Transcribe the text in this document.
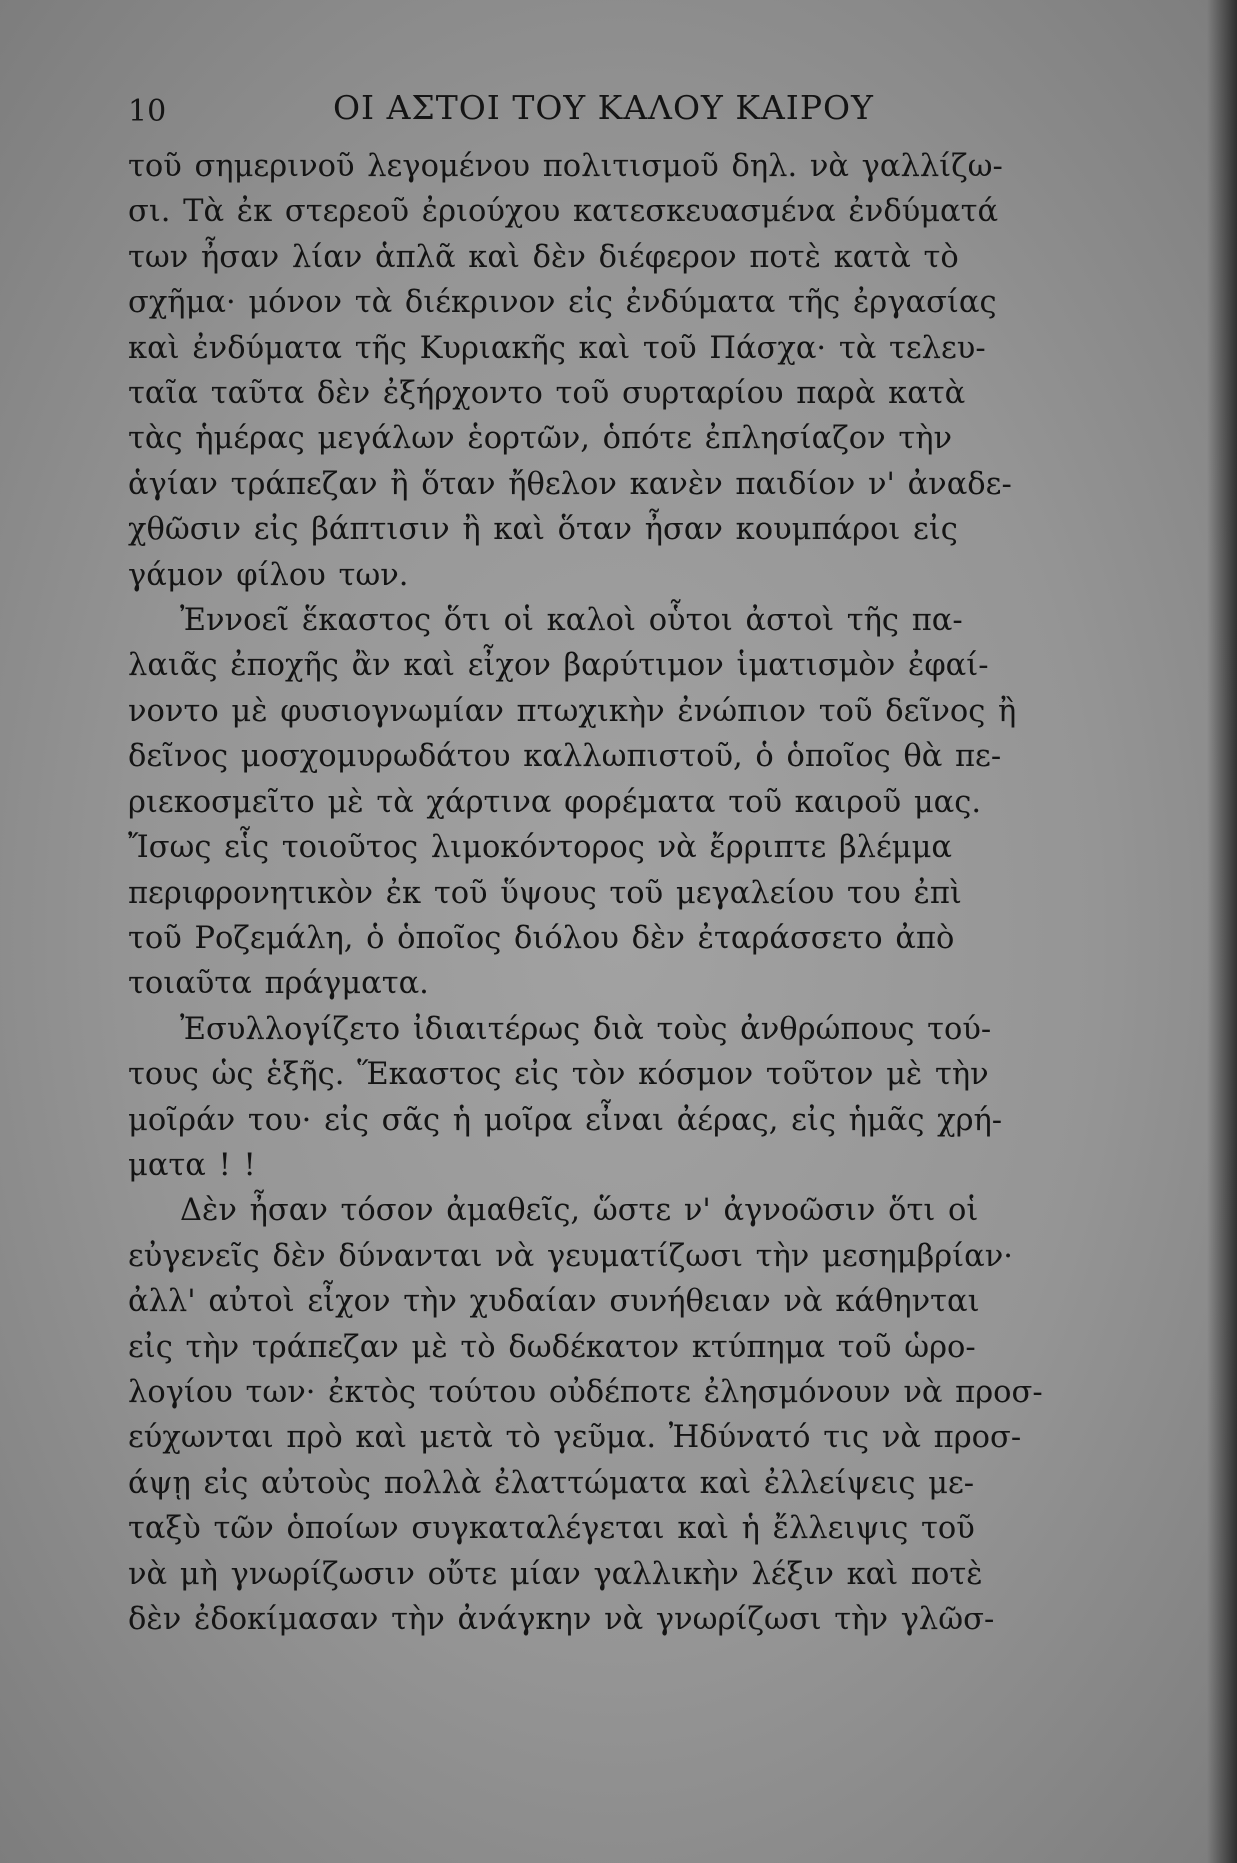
10	ΟΙ ΑΣΤΟΙ ΤΟΥ ΚΑΛΟΥ ΚΑΙΡΟΥ
τοῦ σημερινοῦ λεγομένου πολιτισμοῦ δηλ. νὰ γαλλίζω-
σι. Τὰ ἐκ στερεοῦ ἐριούχου κατεσκευασμένα ἐνδύματά
των ἦσαν λίαν ἁπλᾶ καὶ δὲν διέφερον ποτὲ κατὰ τὸ
σχῆμα· μόνον τὰ διέκρινον εἰς ἐνδύματα τῆς ἐργασίας
καὶ ἐνδύματα τῆς Κυριακῆς καὶ τοῦ Πάσχα· τὰ τελευ-
ταῖα ταῦτα δὲν ἐξήρχοντο τοῦ συρταρίου παρὰ κατὰ
τὰς ἡμέρας μεγάλων ἑορτῶν, ὁπότε ἐπλησίαζον τὴν
ἁγίαν τράπεζαν ἢ ὅταν ἤθελον κανὲν παιδίον ν' ἀναδε-
χθῶσιν εἰς βάπτισιν ἢ καὶ ὅταν ἦσαν κουμπάροι εἰς
γάμον φίλου των.
Ἐννοεῖ ἕκαστος ὅτι οἱ καλοὶ οὗτοι ἀστοὶ τῆς πα-
λαιᾶς ἐποχῆς ἂν καὶ εἶχον βαρύτιμον ἱματισμὸν ἐφαί-
νοντο μὲ φυσιογνωμίαν πτωχικὴν ἐνώπιον τοῦ δεῖνος ἢ
δεῖνος μοσχομυρωδάτου καλλωπιστοῦ, ὁ ὁποῖος θὰ πε-
ριεκοσμεῖτο μὲ τὰ χάρτινα φορέματα τοῦ καιροῦ μας.
Ἴσως εἷς τοιοῦτος λιμοκόντορος νὰ ἔρριπτε βλέμμα
περιφρονητικὸν ἐκ τοῦ ὕψους τοῦ μεγαλείου του ἐπὶ
τοῦ Ροζεμάλη, ὁ ὁποῖος διόλου δὲν ἐταράσσετο ἀπὸ
τοιαῦτα πράγματα.
Ἐσυλλογίζετο ἰδιαιτέρως διὰ τοὺς ἀνθρώπους τού-
τους ὡς ἑξῆς. Ἕκαστος εἰς τὸν κόσμον τοῦτον μὲ τὴν
μοῖράν του· εἰς σᾶς ἡ μοῖρα εἶναι ἀέρας, εἰς ἡμᾶς χρή-
ματα ! !
Δὲν ἦσαν τόσον ἀμαθεῖς, ὥστε ν' ἀγνοῶσιν ὅτι οἱ
εὐγενεῖς δὲν δύνανται νὰ γευματίζωσι τὴν μεσημβρίαν·
ἀλλ' αὐτοὶ εἶχον τὴν χυδαίαν συνήθειαν νὰ κάθηνται
εἰς τὴν τράπεζαν μὲ τὸ δωδέκατον κτύπημα τοῦ ὡρο-
λογίου των· ἐκτὸς τούτου οὐδέποτε ἐλησμόνουν νὰ προσ-
εύχωνται πρὸ καὶ μετὰ τὸ γεῦμα. Ἠδύνατό τις νὰ προσ-
άψῃ εἰς αὐτοὺς πολλὰ ἐλαττώματα καὶ ἐλλείψεις με-
ταξὺ τῶν ὁποίων συγκαταλέγεται καὶ ἡ ἔλλειψις τοῦ
νὰ μὴ γνωρίζωσιν οὔτε μίαν γαλλικὴν λέξιν καὶ ποτὲ
δὲν ἐδοκίμασαν τὴν ἀνάγκην νὰ γνωρίζωσι τὴν γλῶσ-
